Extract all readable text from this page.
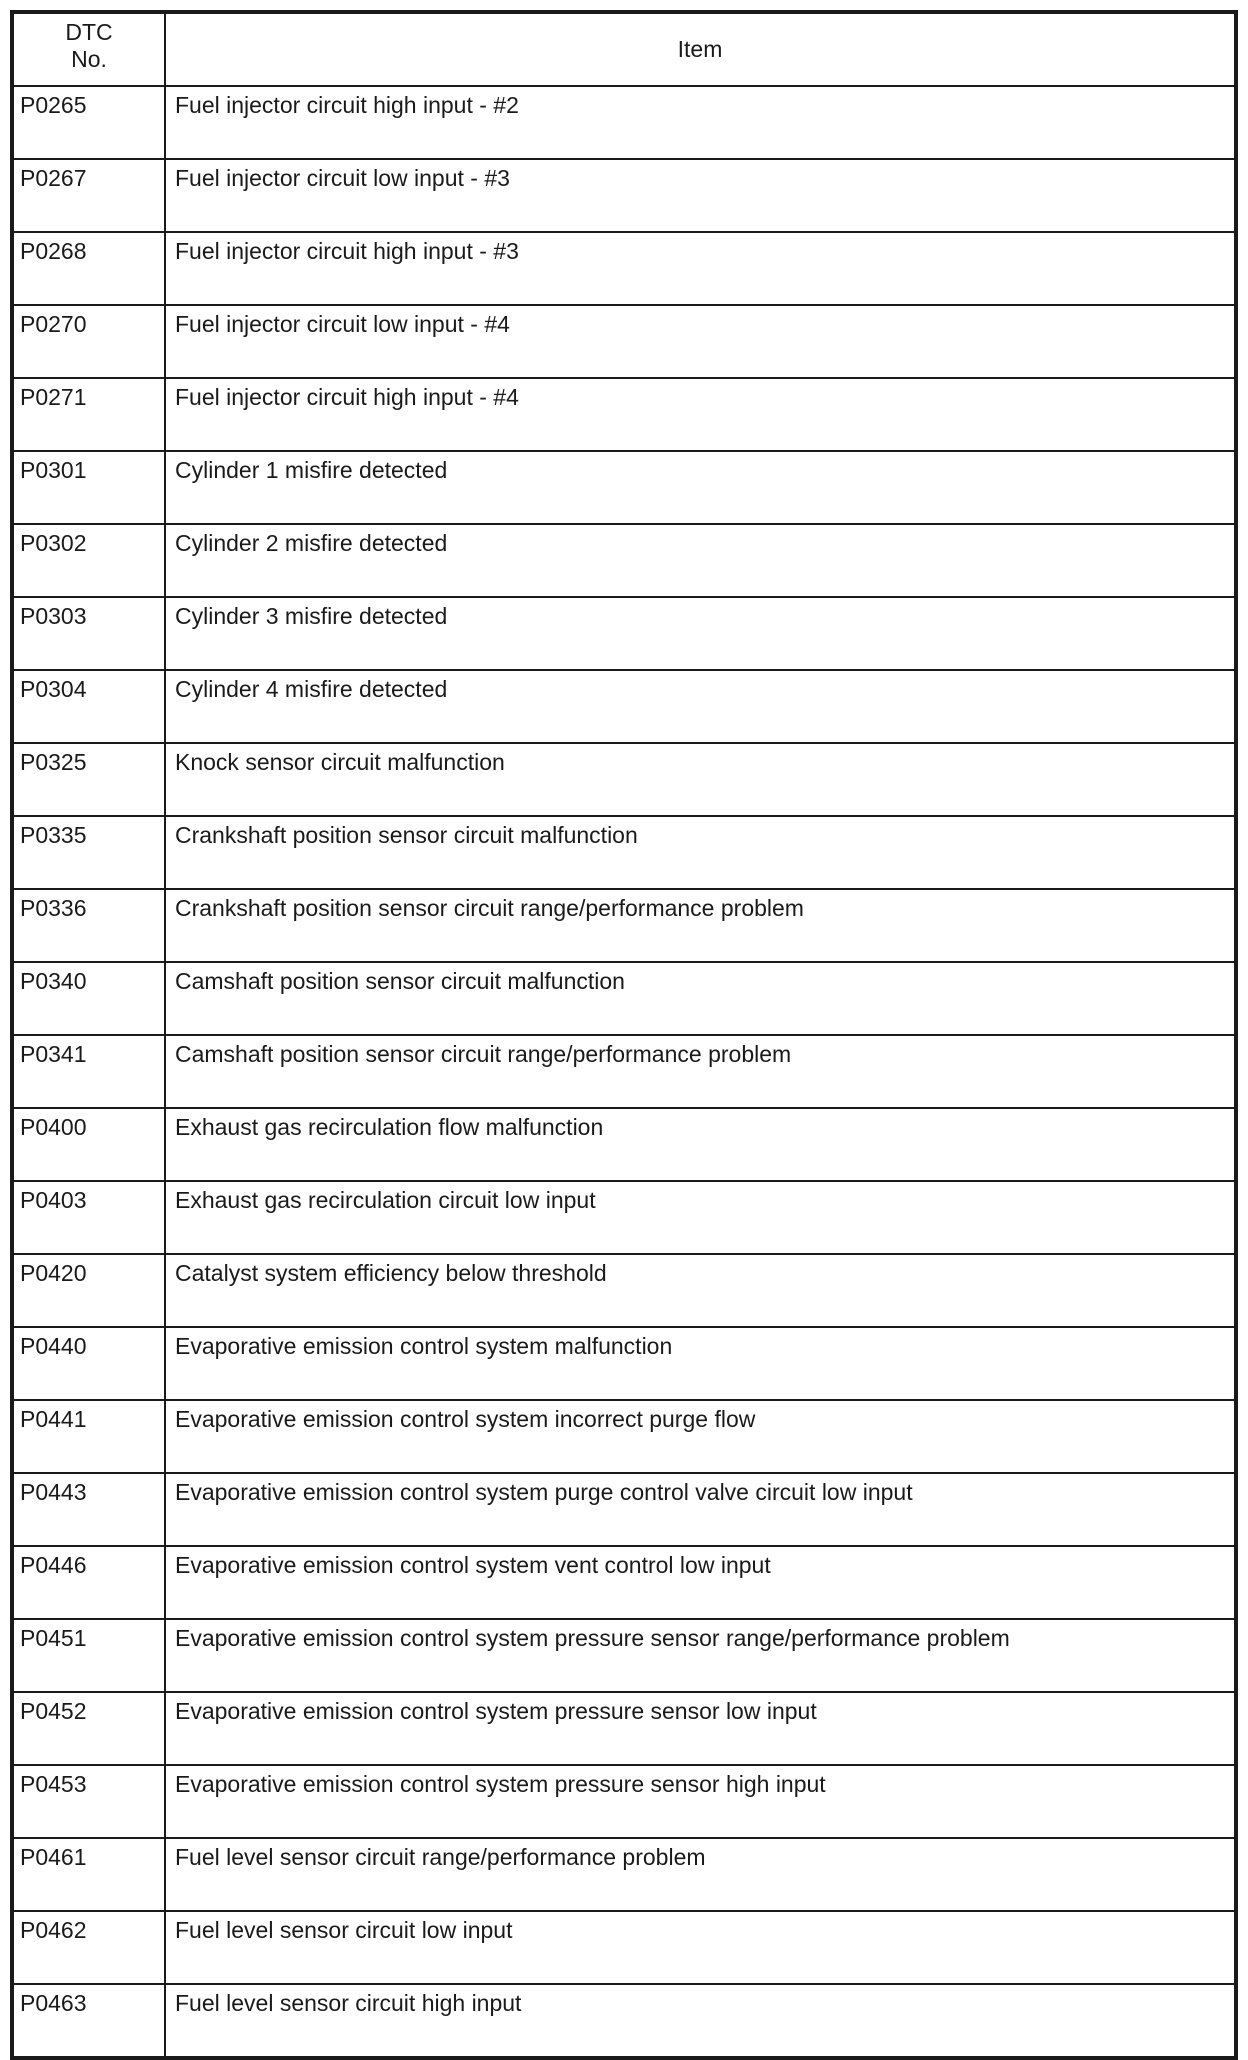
DTC
No.	Item
P0265	Fuel injector circuit high input - #2
P0267	Fuel injector circuit low input - #3
P0268	Fuel injector circuit high input - #3
P0270	Fuel injector circuit low input - #4
P0271	Fuel injector circuit high input - #4
P0301	Cylinder 1 misfire detected
P0302	Cylinder 2 misfire detected
P0303	Cylinder 3 misfire detected
P0304	Cylinder 4 misfire detected
P0325	Knock sensor circuit malfunction
P0335	Crankshaft position sensor circuit malfunction
P0336	Crankshaft position sensor circuit range/performance problem
P0340	Camshaft position sensor circuit malfunction
P0341	Camshaft position sensor circuit range/performance problem
P0400	Exhaust gas recirculation flow malfunction
P0403	Exhaust gas recirculation circuit low input
P0420	Catalyst system efficiency below threshold
P0440	Evaporative emission control system malfunction
P0441	Evaporative emission control system incorrect purge flow
P0443	Evaporative emission control system purge control valve circuit low input
P0446	Evaporative emission control system vent control low input
P0451	Evaporative emission control system pressure sensor range/performance problem
P0452	Evaporative emission control system pressure sensor low input
P0453	Evaporative emission control system pressure sensor high input
P0461	Fuel level sensor circuit range/performance problem
P0462	Fuel level sensor circuit low input
P0463	Fuel level sensor circuit high input
